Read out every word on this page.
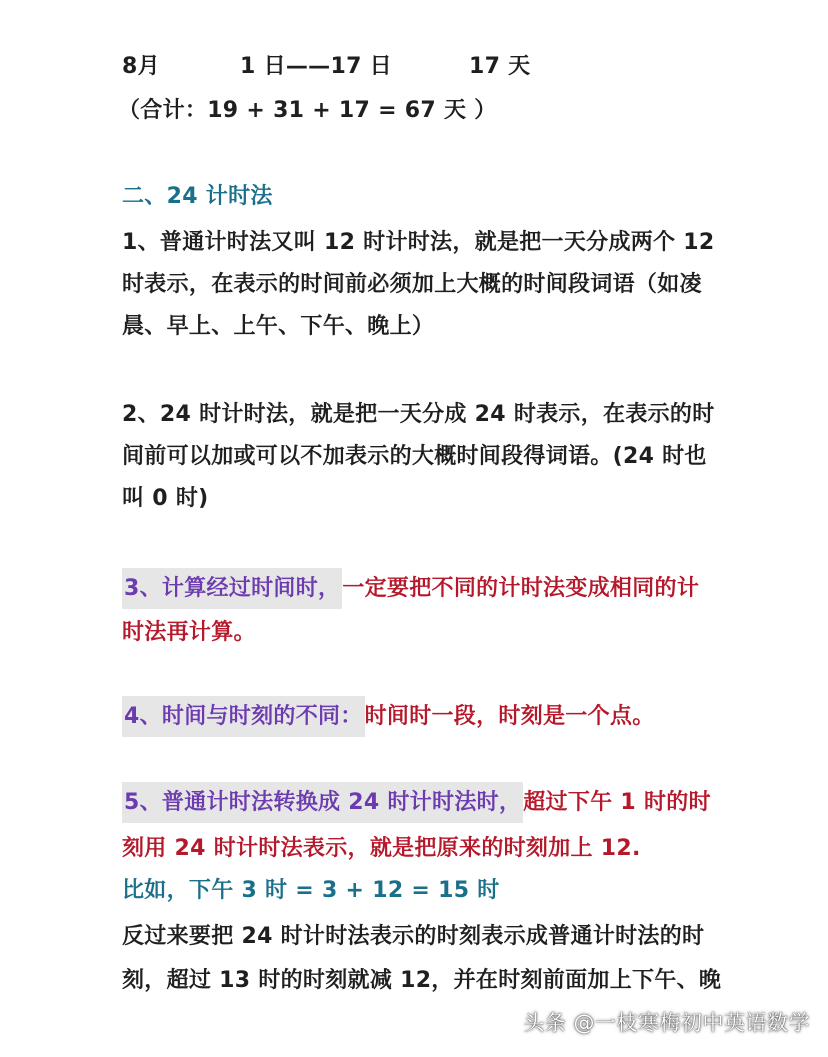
8月	1 日——17 日	17 天
（合计：19 + 31 + 17 = 67 天 ）
二、24 计时法
1、普通计时法又叫 12 时计时法，就是把一天分成两个 12
时表示，在表示的时间前必须加上大概的时间段词语（如凌
晨、早上、上午、下午、晚上）
2、24 时计时法，就是把一天分成 24 时表示，在表示的时
间前可以加或可以不加表示的大概时间段得词语。(24 时也
叫 0 时)
3、计算经过时间时，一定要把不同的计时法变成相同的计
时法再计算。
4、时间与时刻的不同：时间时一段，时刻是一个点。
5、普通计时法转换成 24 时计时法时，超过下午 1 时的时
刻用 24 时计时法表示，就是把原来的时刻加上 12.
比如，下午 3 时 = 3 + 12 = 15 时
反过来要把 24 时计时法表示的时刻表示成普通计时法的时
刻，超过 13 时的时刻就减 12，并在时刻前面加上下午、晚
头条 @一枝寒梅初中英语数学
